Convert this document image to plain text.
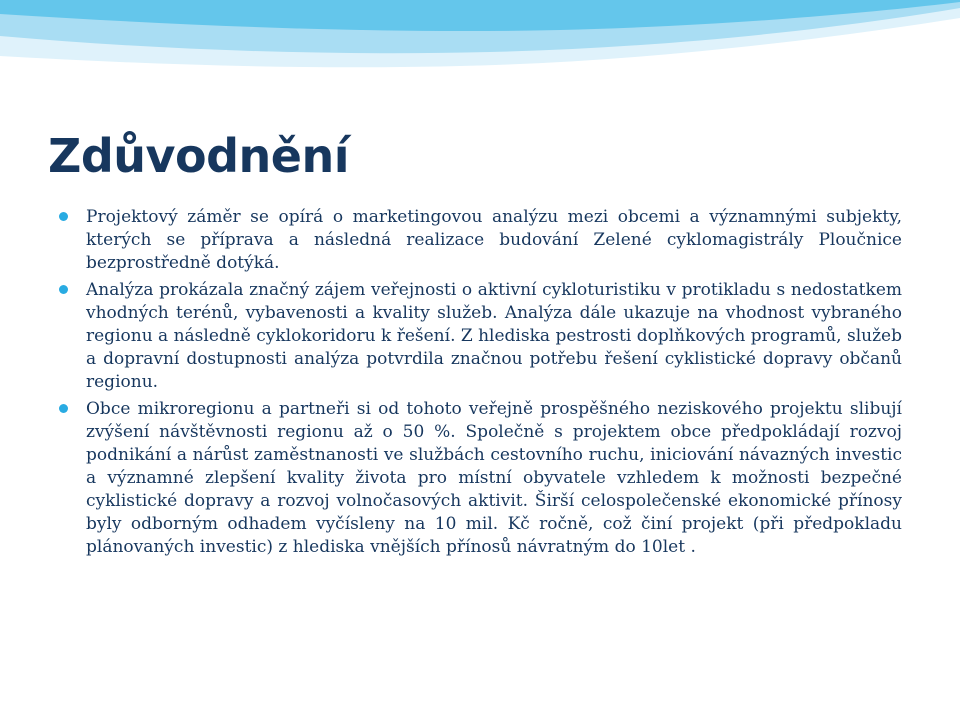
Zdůvodnění

Projektový záměr se opírá o marketingovou analýzu mezi obcemi a významnými subjekty, kterých se příprava a následná realizace budování Zelené cyklomagistrály Ploučnice bezprostředně dotýká.

Analýza prokázala značný zájem veřejnosti o aktivní cykloturistiku v protikladu s nedostatkem vhodných terénů, vybavenosti a kvality služeb. Analýza dále ukazuje na vhodnost vybraného regionu a následně cyklokoridoru k řešení. Z hlediska pestrosti doplňkových programů, služeb a dopravní dostupnosti analýza potvrdila značnou potřebu řešení cyklistické dopravy občanů regionu.

Obce mikroregionu a partneři si od tohoto veřejně prospěšného neziskového projektu slibují zvýšení návštěvnosti regionu až o 50 %. Společně s projektem obce předpokládají rozvoj podnikání a nárůst zaměstnanosti ve službách cestovního ruchu, iniciování návazných investic a významné zlepšení kvality života pro místní obyvatele vzhledem k možnosti bezpečné cyklistické dopravy a rozvoj volnočasových aktivit. Širší celospolečenské ekonomické přínosy byly odborným odhadem vyčísleny na 10 mil. Kč ročně, což činí projekt (při předpokladu plánovaných investic) z hlediska vnějších přínosů návratným do 10let .
